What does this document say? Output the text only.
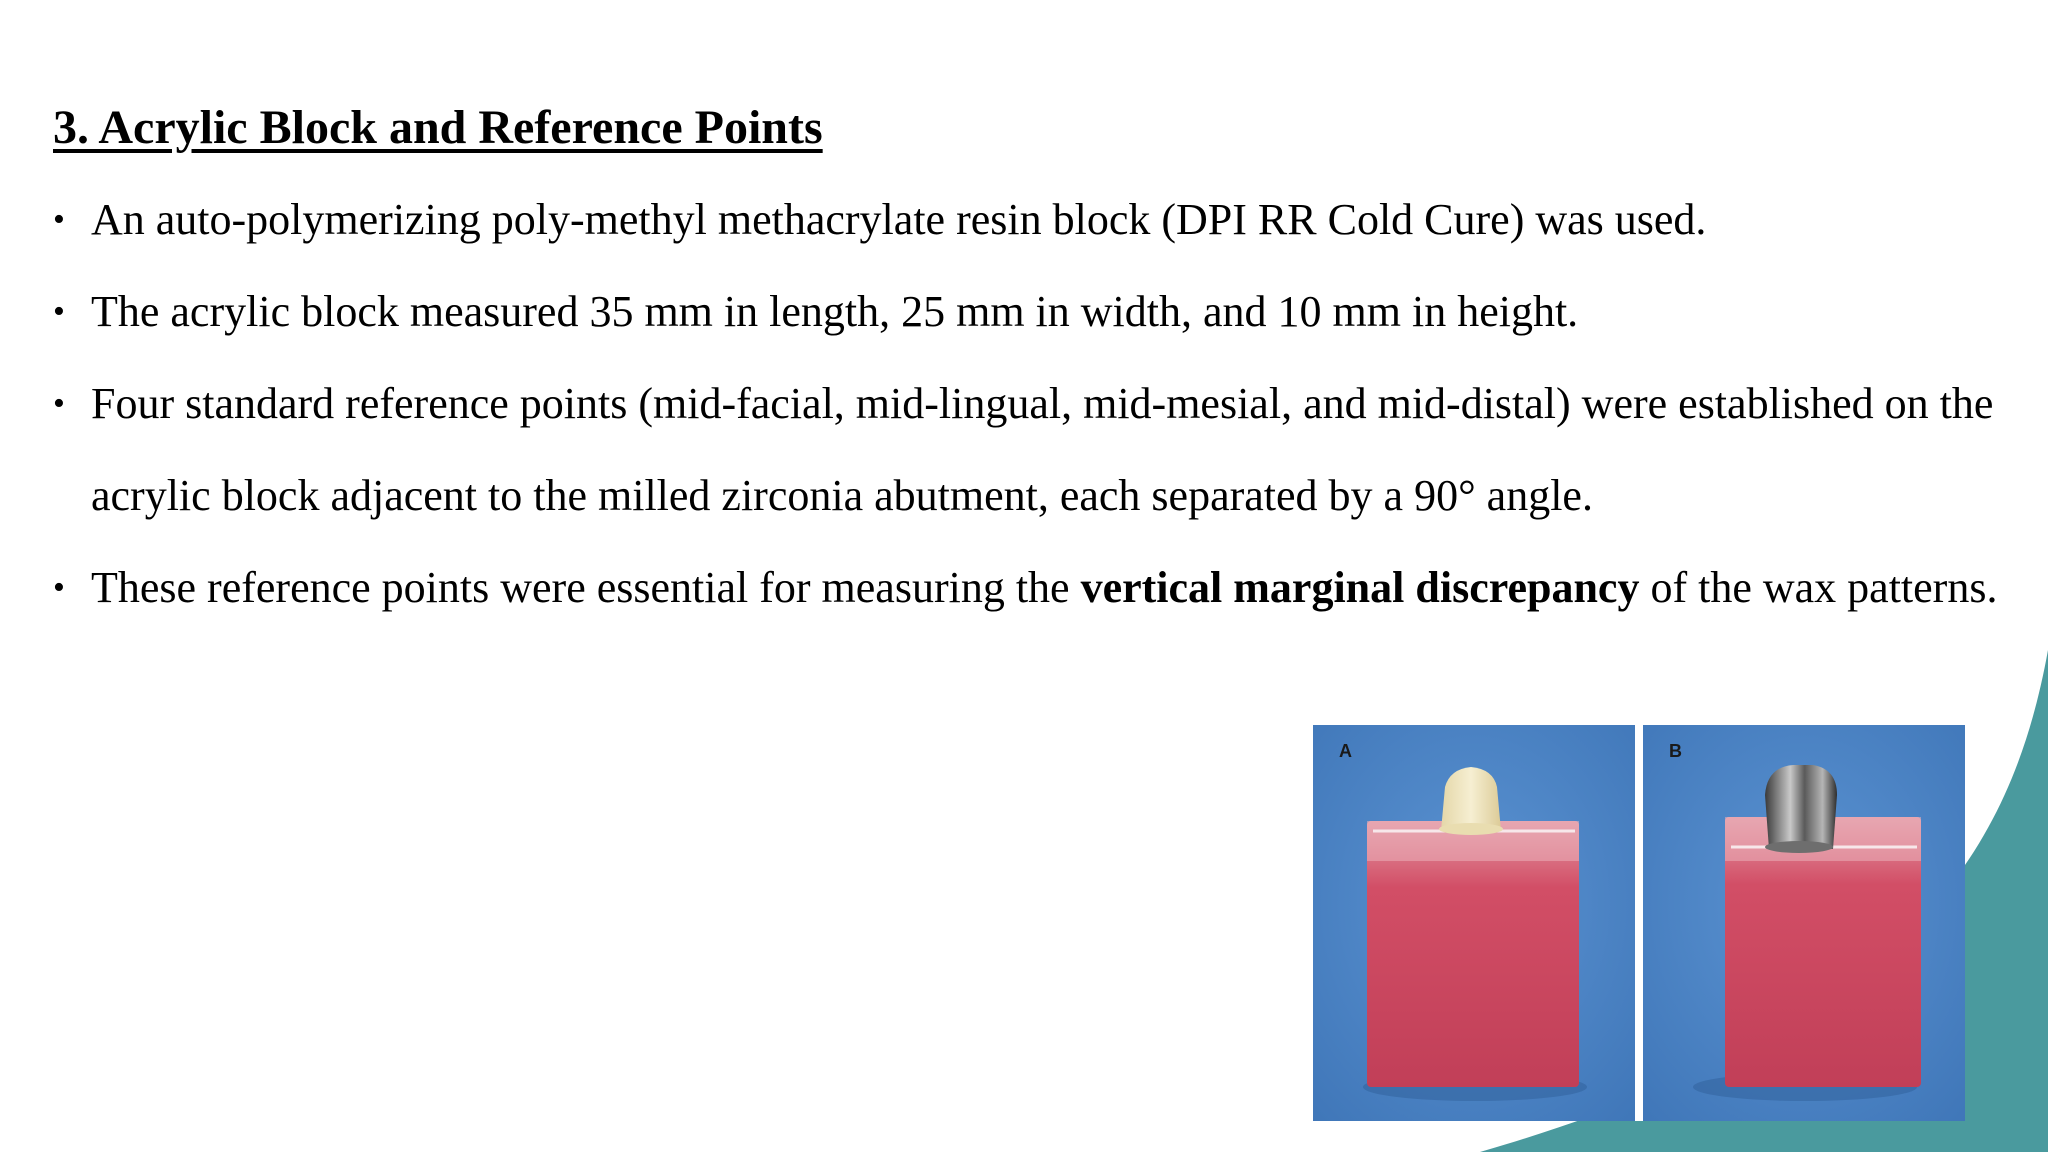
3. Acrylic Block and Reference Points
• An auto-polymerizing poly-methyl methacrylate resin block (DPI RR Cold Cure) was used.
• The acrylic block measured 35 mm in length, 25 mm in width, and 10 mm in height.
• Four standard reference points (mid-facial, mid-lingual, mid-mesial, and mid-distal) were established on the acrylic block adjacent to the milled zirconia abutment, each separated by a 90° angle.
• These reference points were essential for measuring the vertical marginal discrepancy of the wax patterns.
A	B
